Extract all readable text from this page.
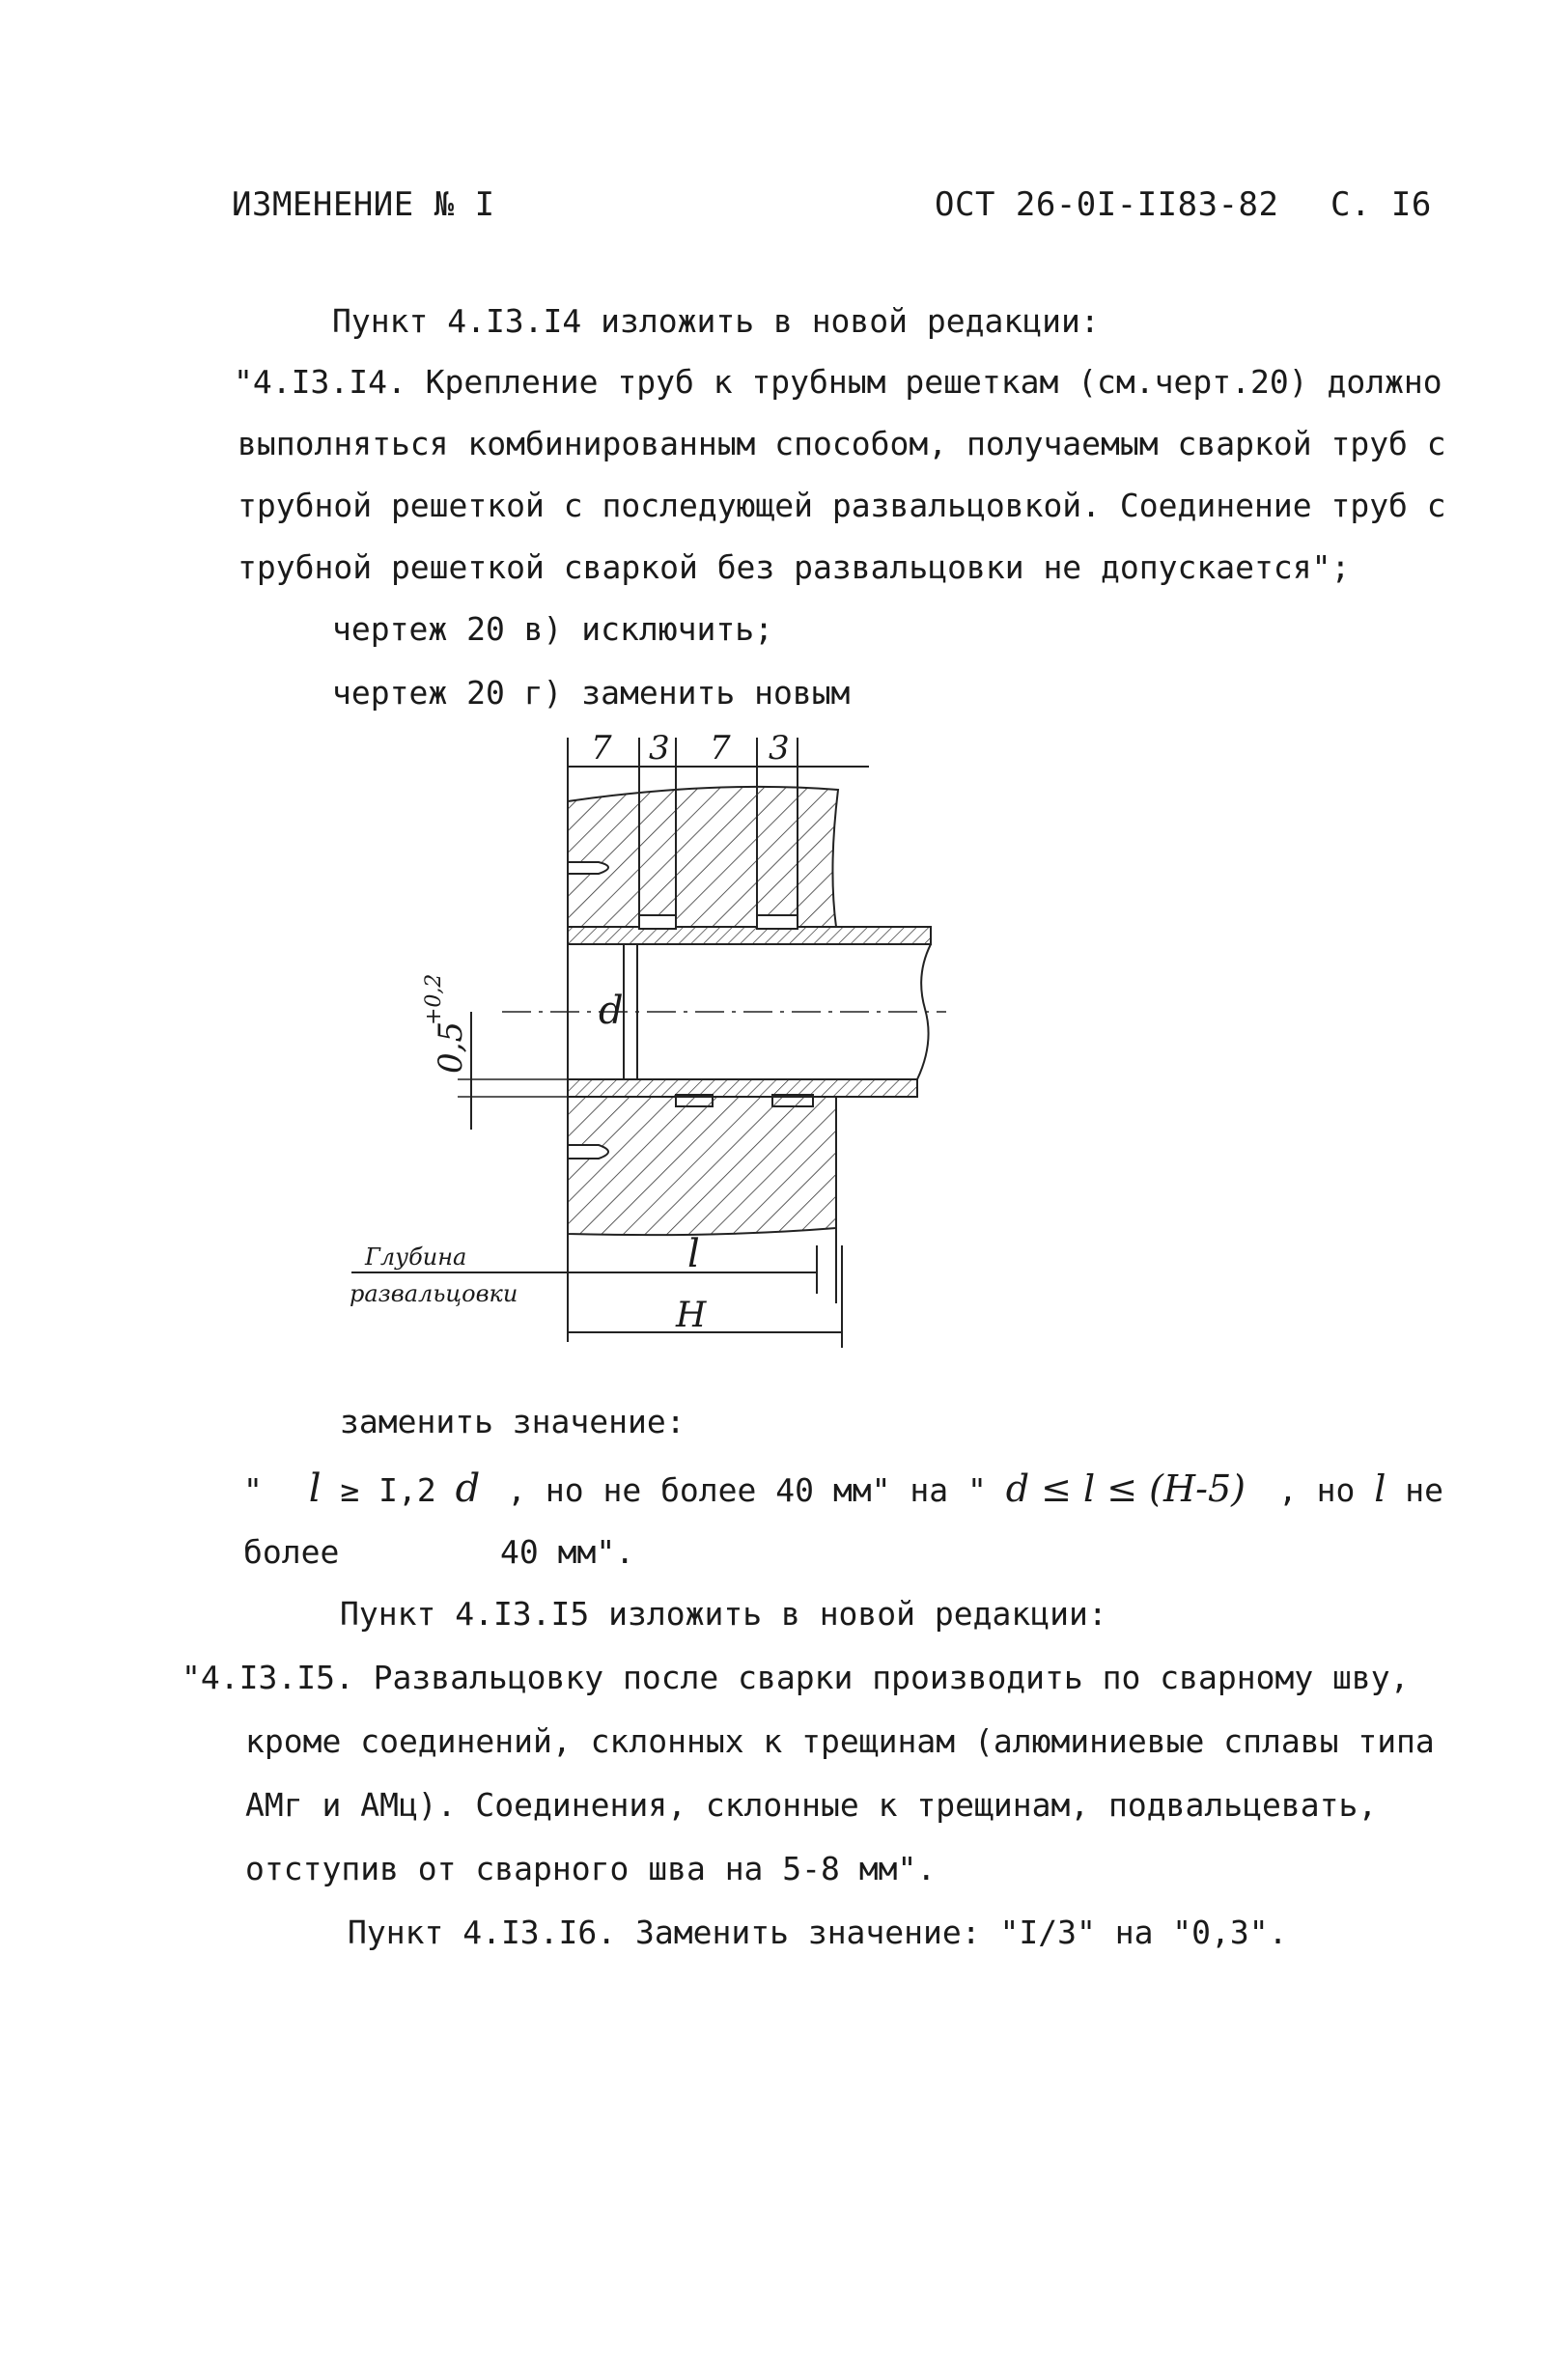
ИЗМЕНЕНИЕ № I	ОСТ 26-0I-II83-82 С. I6
Пункт 4.I3.I4 изложить в новой редакции:
"4.I3.I4. Крепление труб к трубным решеткам (см.черт.20) должно
выполняться комбинированным способом, получаемым сваркой труб с
трубной решеткой с последующей развальцовкой. Соединение труб с
трубной решеткой сваркой без развальцовки не допускается";
чертеж 20 в) исключить;
чертеж 20 г) заменить новым
7 3 7 3
d
0,5
+0,2
l
Глубина
развальцовки
H
заменить значение:
" l ≥ I,2 d , но не более 40 мм" на " d ≤ l ≤ (H-5) , но l не
более	40 мм".
Пункт 4.I3.I5 изложить в новой редакции:
"4.I3.I5. Развальцовку после сварки производить по сварному шву,
кроме соединений, склонных к трещинам (алюминиевые сплавы типа
АМг и АМц). Соединения, склонные к трещинам, подвальцевать,
отступив от сварного шва на 5-8 мм".
Пункт 4.I3.I6. Заменить значение: "I/3" на "0,3".
